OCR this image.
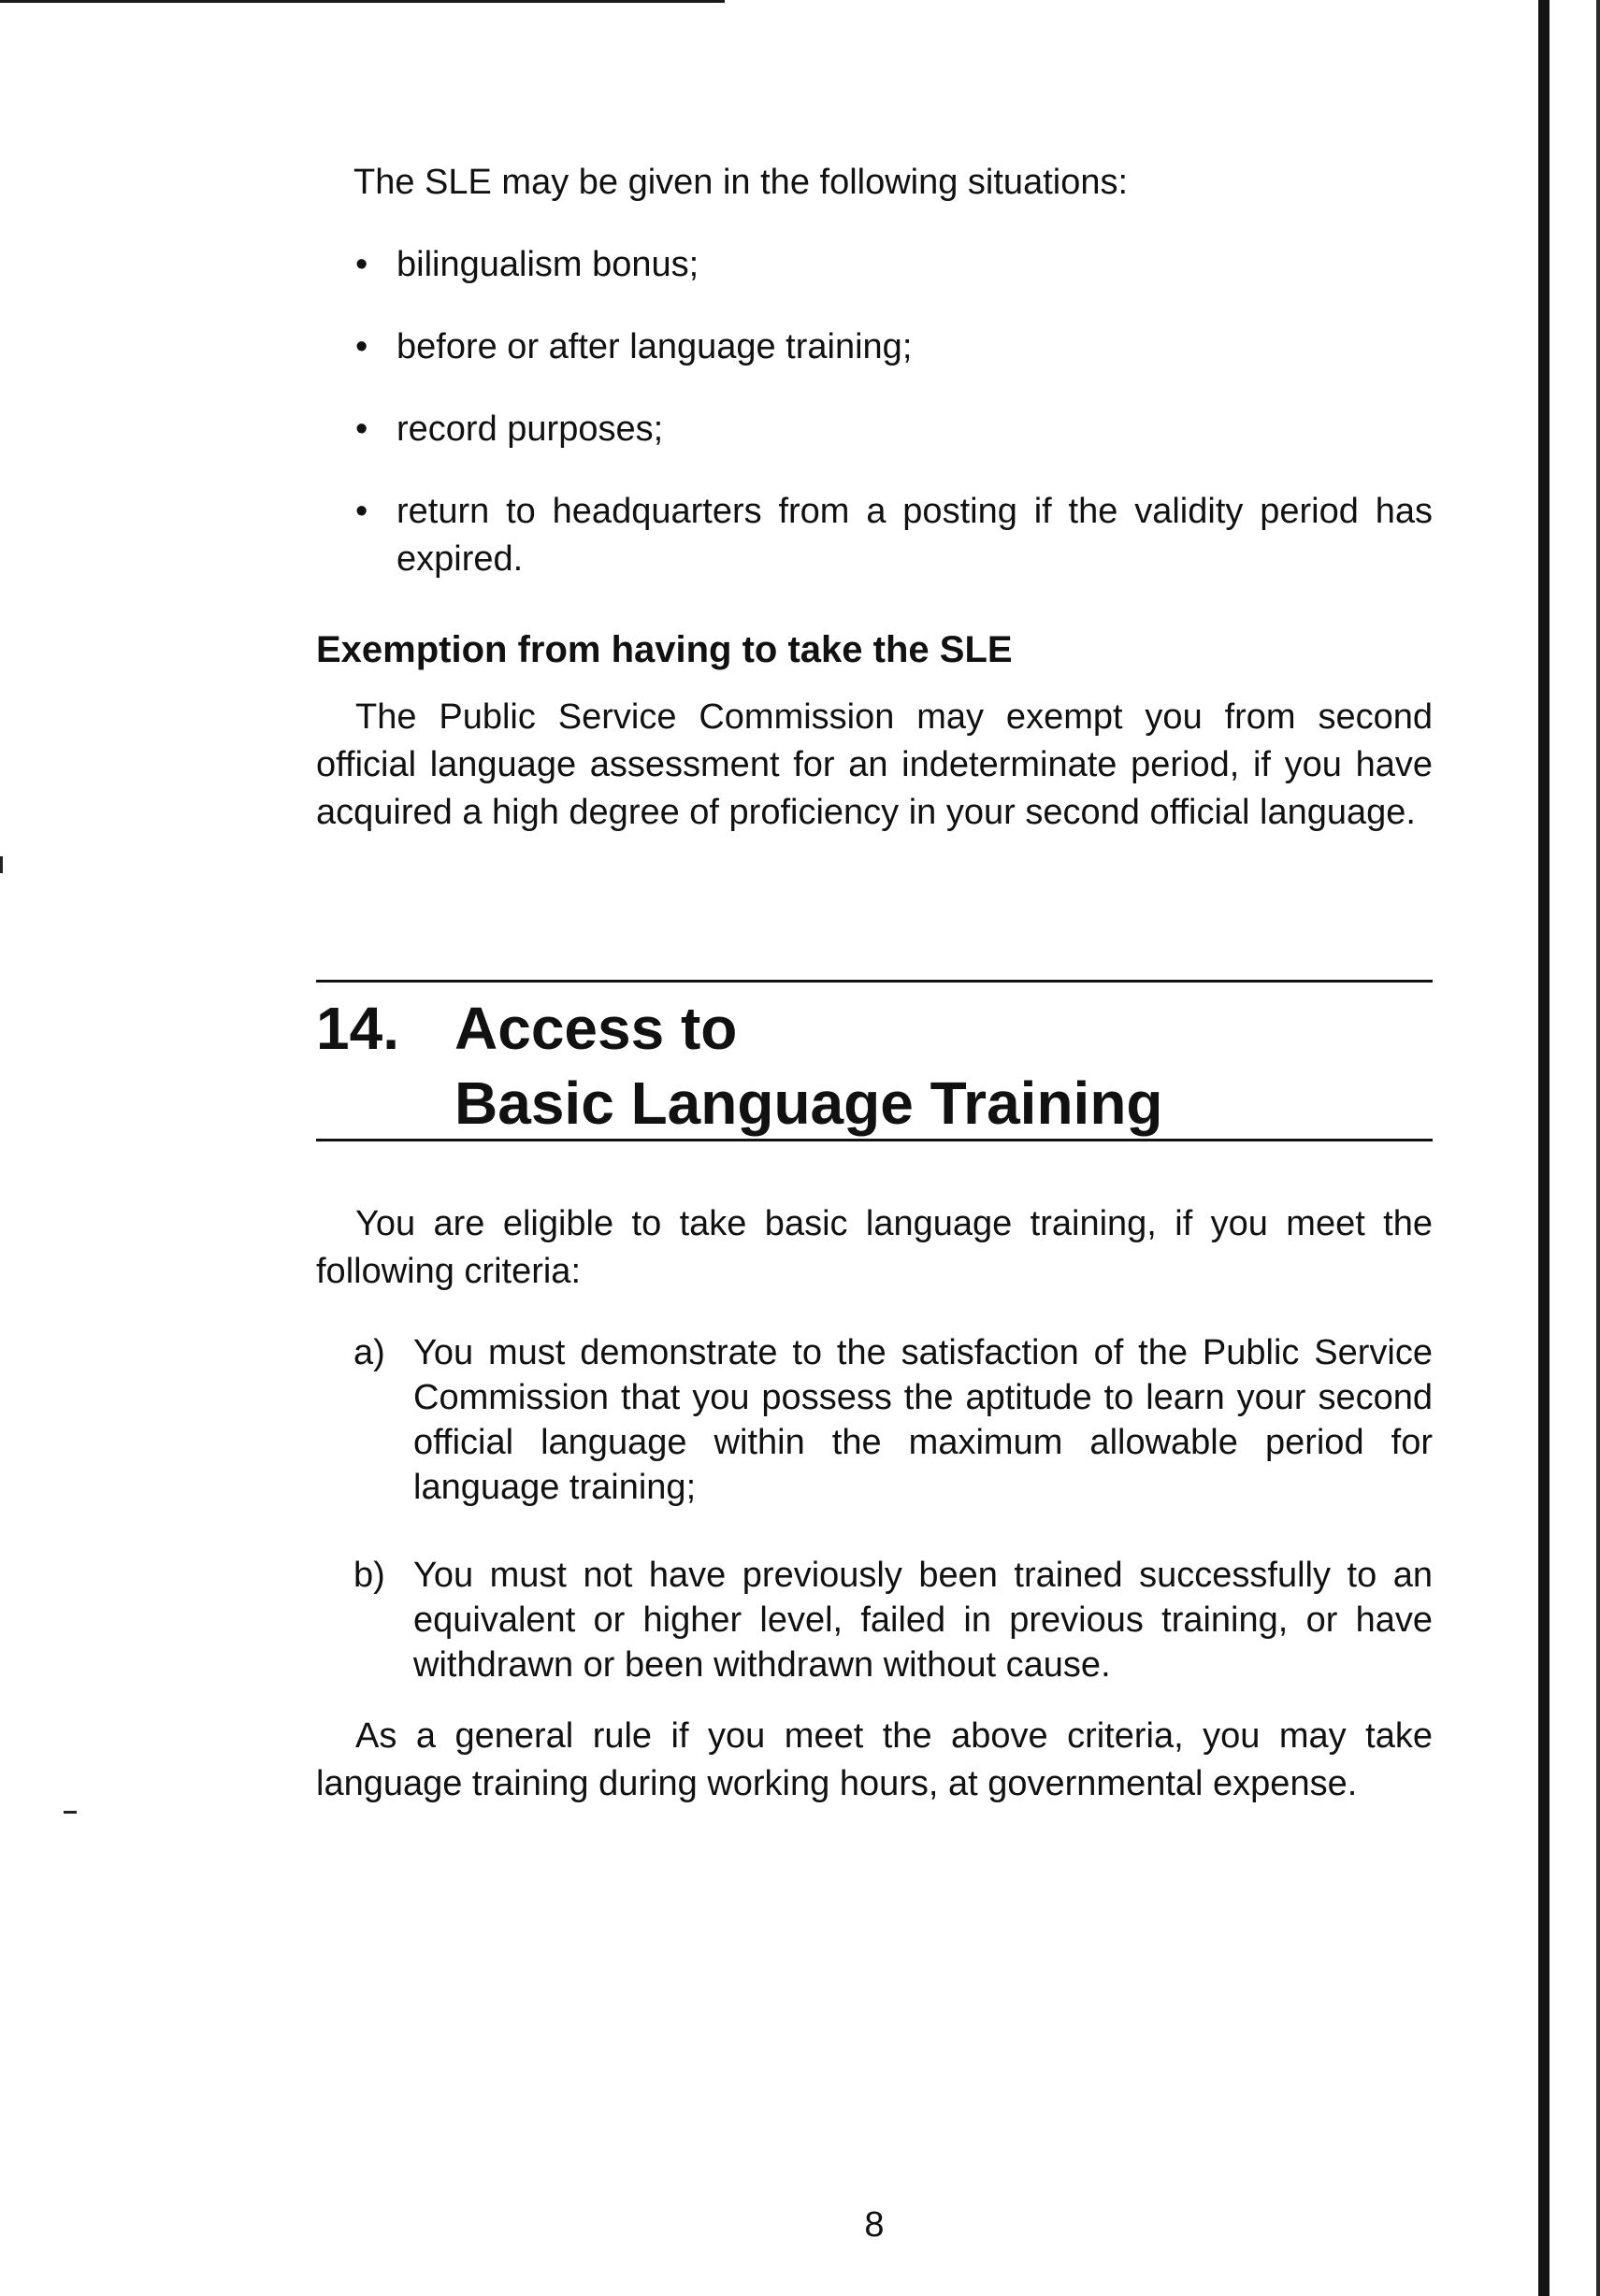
The SLE may be given in the following situations:

• bilingualism bonus;
• before or after language training;
• record purposes;
• return to headquarters from a posting if the validity period has expired.
Exemption from having to take the SLE

The Public Service Commission may exempt you from second official language assessment for an indeterminate period, if you have acquired a high degree of proficiency in your second official language.

14. Access to
Basic Language Training

You are eligible to take basic language training, if you meet the following criteria:

a) You must demonstrate to the satisfaction of the Public Service Commission that you possess the aptitude to learn your second official language within the maximum allowable period for language training;
b) You must not have previously been trained successfully to an equivalent or higher level, failed in previous training, or have withdrawn or been withdrawn without cause.

As a general rule if you meet the above criteria, you may take language training during working hours, at governmental expense.

8
